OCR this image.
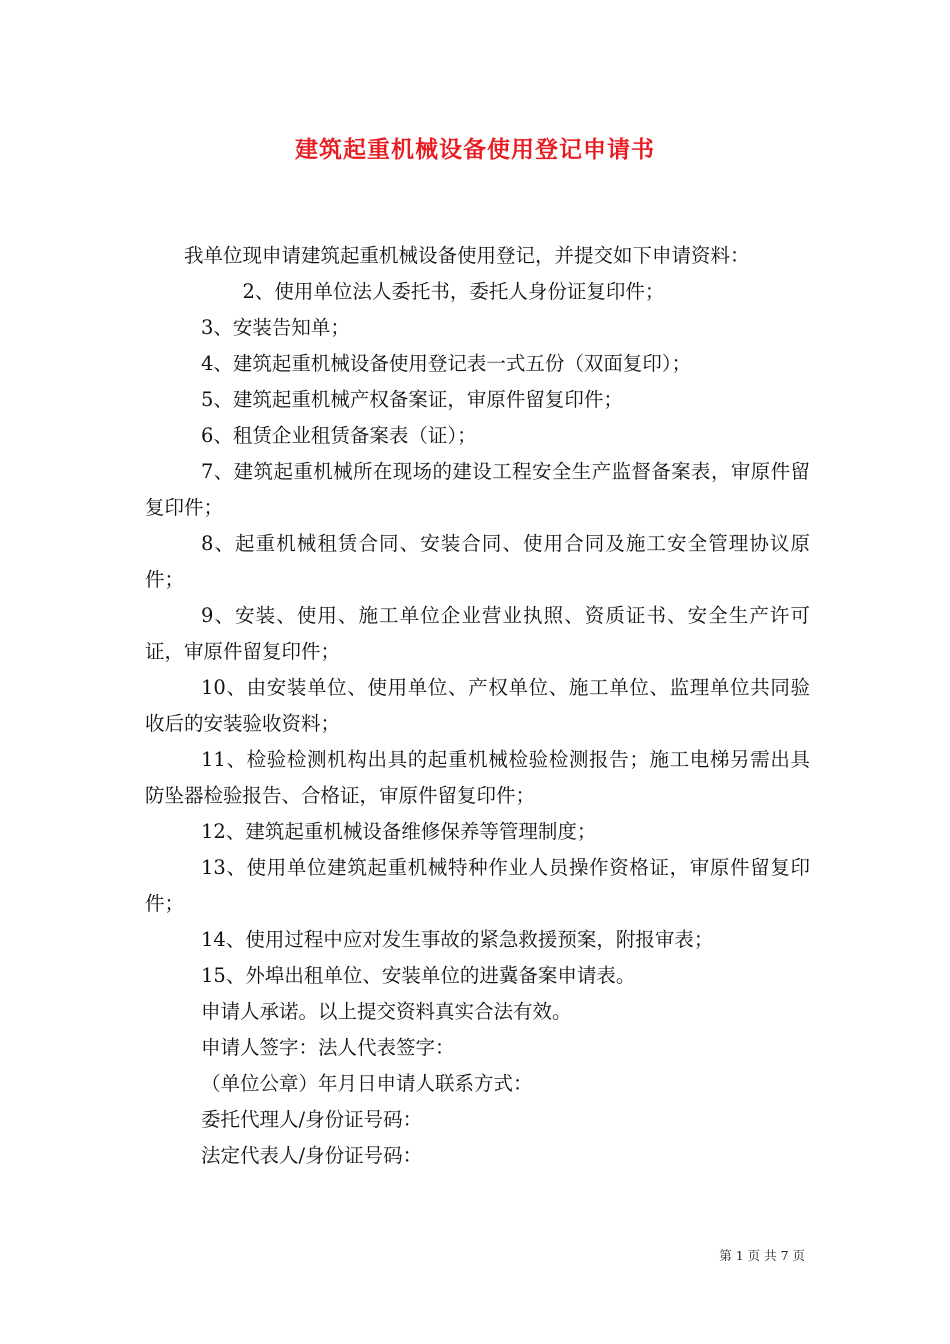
建筑起重机械设备使用登记申请书

我单位现申请建筑起重机械设备使用登记，并提交如下申请资料：

2、使用单位法人委托书，委托人身份证复印件；

3、安装告知单；

4、建筑起重机械设备使用登记表一式五份（双面复印）；

5、建筑起重机械产权备案证，审原件留复印件；

6、租赁企业租赁备案表（证）；

7、建筑起重机械所在现场的建设工程安全生产监督备案表，审原件留复印件；

8、起重机械租赁合同、安装合同、使用合同及施工安全管理协议原件；

9、安装、使用、施工单位企业营业执照、资质证书、安全生产许可证，审原件留复印件；

10、由安装单位、使用单位、产权单位、施工单位、监理单位共同验收后的安装验收资料；

11、检验检测机构出具的起重机械检验检测报告；施工电梯另需出具防坠器检验报告、合格证，审原件留复印件；

12、建筑起重机械设备维修保养等管理制度；

13、使用单位建筑起重机械特种作业人员操作资格证，审原件留复印件；

14、使用过程中应对发生事故的紧急救援预案，附报审表；

15、外埠出租单位、安装单位的进冀备案申请表。

申请人承诺。以上提交资料真实合法有效。

申请人签字：法人代表签字：

（单位公章）年月日申请人联系方式：

委托代理人/身份证号码：

法定代表人/身份证号码：

第 1 页 共 7 页
